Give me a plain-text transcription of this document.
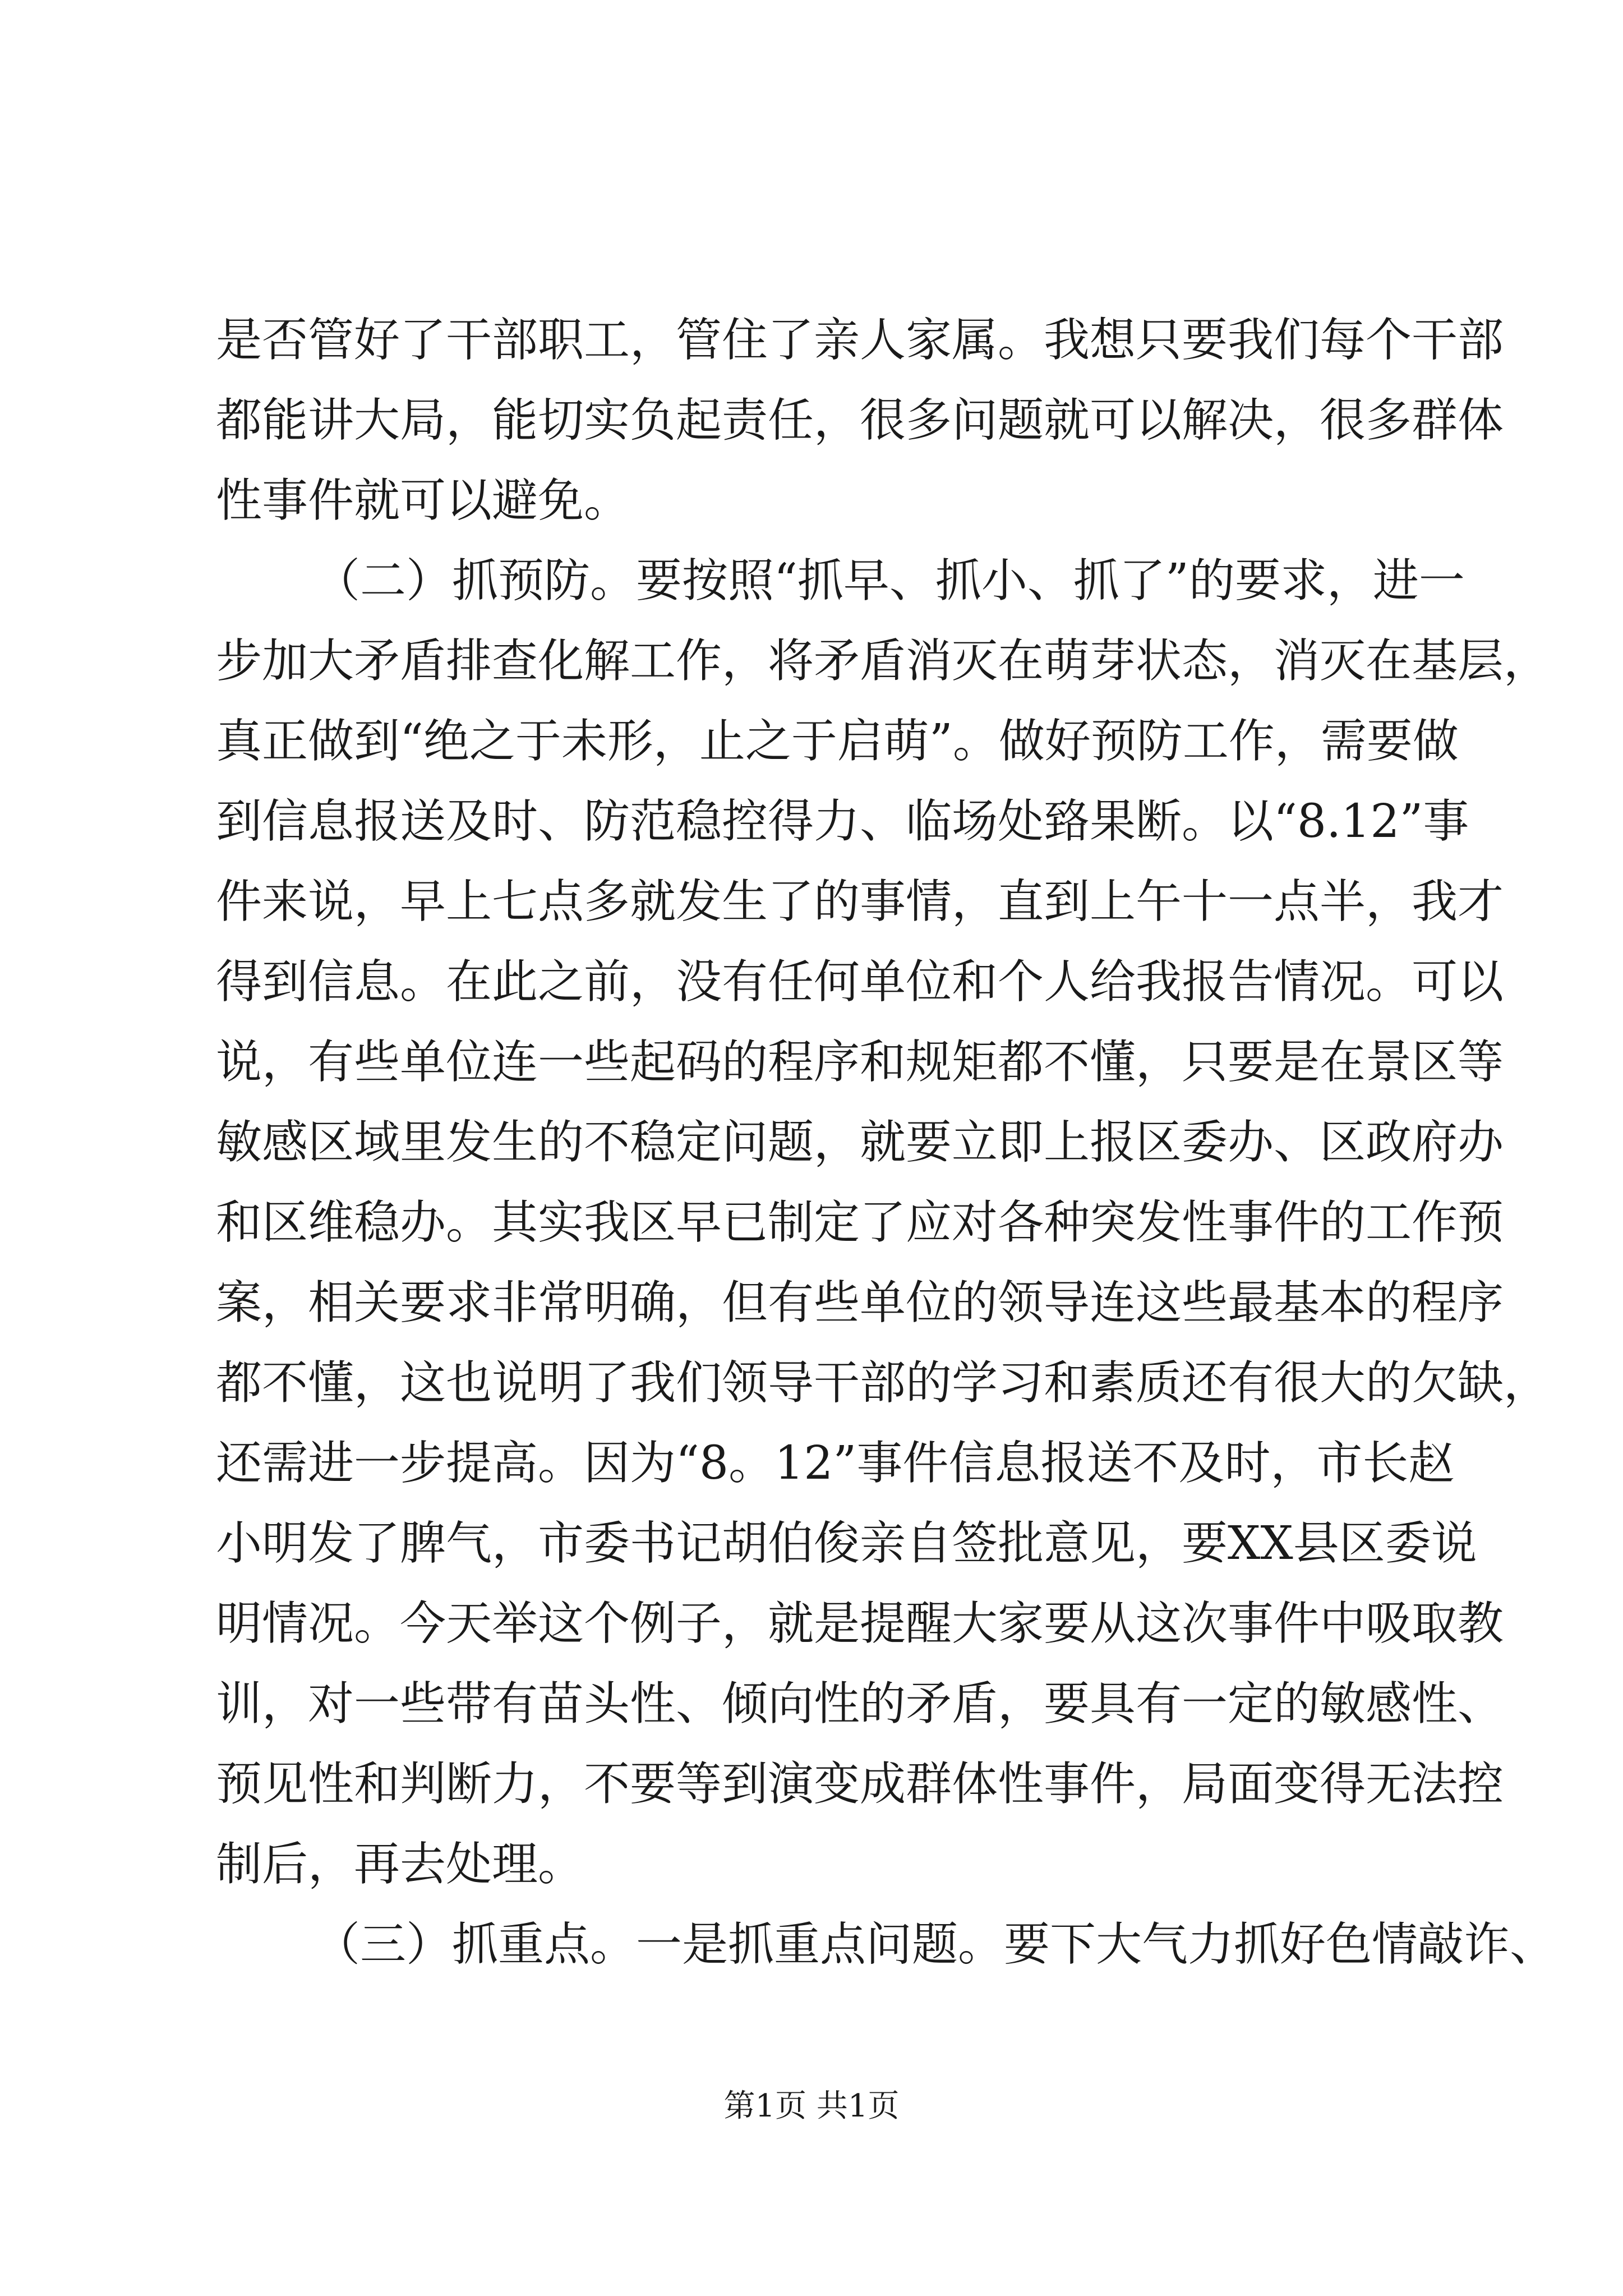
是否管好了干部职工，管住了亲人家属。我想只要我们每个干部
都能讲大局，能切实负起责任，很多问题就可以解决，很多群体
性事件就可以避免。
（二）抓预防。要按照“抓早、抓小、抓了”的要求，进一
步加大矛盾排查化解工作，将矛盾消灭在萌芽状态，消灭在基层，
真正做到“绝之于未形，止之于启萌”。做好预防工作，需要做
到信息报送及时、防范稳控得力、临场处臵果断。以“8.12”事
件来说，早上七点多就发生了的事情，直到上午十一点半，我才
得到信息。在此之前，没有任何单位和个人给我报告情况。可以
说，有些单位连一些起码的程序和规矩都不懂，只要是在景区等
敏感区域里发生的不稳定问题，就要立即上报区委办、区政府办
和区维稳办。其实我区早已制定了应对各种突发性事件的工作预
案，相关要求非常明确，但有些单位的领导连这些最基本的程序
都不懂，这也说明了我们领导干部的学习和素质还有很大的欠缺，
还需进一步提高。因为“8。12”事件信息报送不及时，市长赵
小明发了脾气，市委书记胡伯俊亲自签批意见，要XX县区委说
明情况。今天举这个例子，就是提醒大家要从这次事件中吸取教
训，对一些带有苗头性、倾向性的矛盾，要具有一定的敏感性、
预见性和判断力，不要等到演变成群体性事件，局面变得无法控
制后，再去处理。
（三）抓重点。一是抓重点问题。要下大气力抓好色情敲诈、
第1页 共1页
